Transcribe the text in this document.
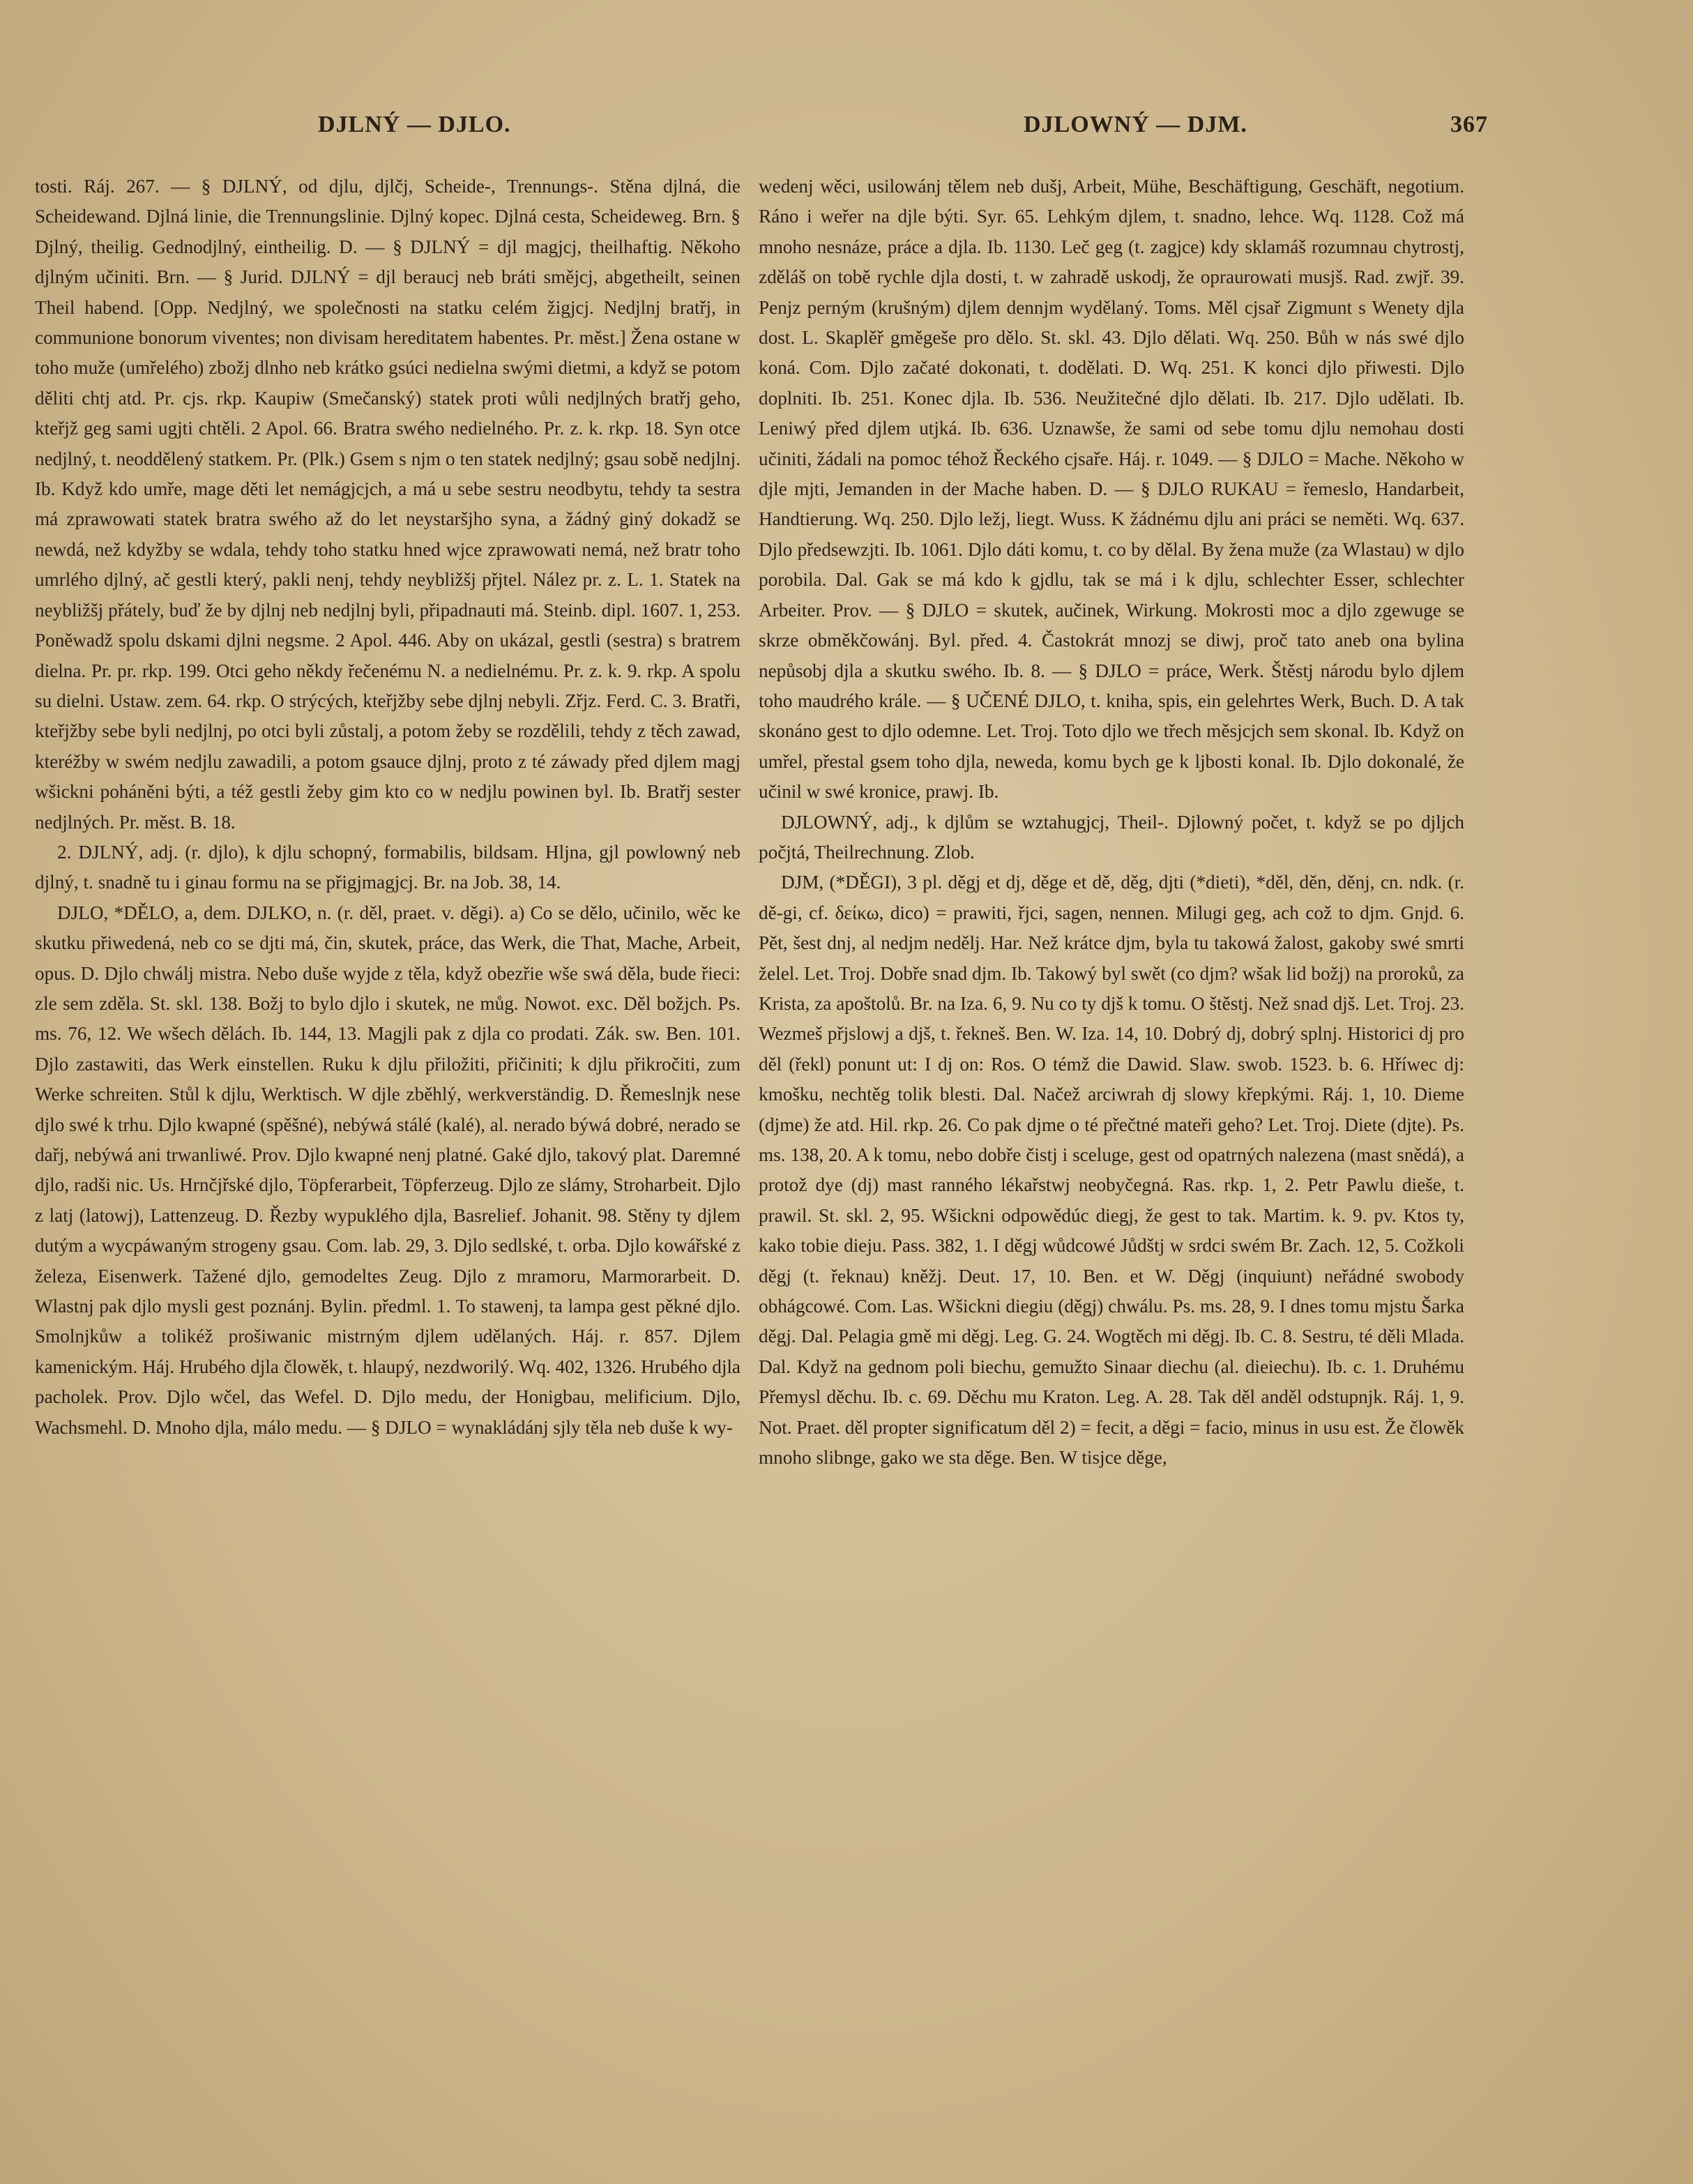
DJLNÝ — DJLO.	DJLOWNÝ — DJM.	367

tosti. Ráj. 267. — § DJLNÝ, od djlu, djlčj, Scheide-, Trennungs-. Stěna djlná, die Scheidewand. Djlná linie, die Trennungslinie. Djlný kopec. Djlná cesta, Scheideweg. Brn. § Djlný, theilig. Gednodjlný, eintheilig. D. — § DJLNÝ = djl magjcj, theilhaftig. Někoho djlným učiniti. Brn. — § Jurid. DJLNÝ = djl beraucj neb bráti smějcj, abgetheilt, seinen Theil habend. [Opp. Nedjlný, we společnosti na statku celém žigjcj. Nedjlnj bratřj, in communione bonorum viventes; non divisam hereditatem habentes. Pr. měst.] Žena ostane w toho muže (umřelého) zbožj dlnho neb krátko gsúci nedielna swými dietmi, a když se potom děliti chtj atd. Pr. cjs. rkp. Kaupiw (Smečanský) statek proti wůli nedjlných bratřj geho, kteřjž geg sami ugjti chtěli. 2 Apol. 66. Bratra swého nedielného. Pr. z. k. rkp. 18. Syn otce nedjlný, t. neoddělený statkem. Pr. (Plk.) Gsem s njm o ten statek nedjlný; gsau sobě nedjlnj. Ib. Když kdo umře, mage děti let nemágjcjch, a má u sebe sestru neodbytu, tehdy ta sestra má zprawowati statek bratra swého až do let neystaršjho syna, a žádný giný dokadž se newdá, než kdyžby se wdala, tehdy toho statku hned wjce zprawowati nemá, než bratr toho umrlého djlný, ač gestli který, pakli nenj, tehdy neybližšj přjtel. Nález pr. z. L. 1. Statek na neybližšj přátely, buď že by djlnj neb nedjlnj byli, připadnauti má. Steinb. dipl. 1607. 1, 253. Poněwadž spolu dskami djlni negsme. 2 Apol. 446. Aby on ukázal, gestli (sestra) s bratrem dielna. Pr. pr. rkp. 199. Otci geho někdy řečenému N. a nedielnému. Pr. z. k. 9. rkp. A spolu su dielni. Ustaw. zem. 64. rkp. O strýcých, kteřjžby sebe djlnj nebyli. Zřjz. Ferd. C. 3. Bratři, kteřjžby sebe byli nedjlnj, po otci byli zůstalj, a potom žeby se rozdělili, tehdy z těch zawad, kteréžby w swém nedjlu zawadili, a potom gsauce djlnj, proto z té záwady před djlem magj wšickni poháněni býti, a též gestli žeby gim kto co w nedjlu powinen byl. Ib. Bratřj sester nedjlných. Pr. měst. B. 18.

2. DJLNÝ, adj. (r. djlo), k djlu schopný, formabilis, bildsam. Hljna, gjl powlowný neb djlný, t. snadně tu i ginau formu na se přigjmagjcj. Br. na Job. 38, 14.

DJLO, *DĚLO, a, dem. DJLKO, n. (r. děl, praet. v. děgi). a) Co se dělo, učinilo, wěc ke skutku přiwedená, neb co se djti má, čin, skutek, práce, das Werk, die That, Mache, Arbeit, opus. D. Djlo chwálj mistra. Nebo duše wyjde z těla, když obezřie wše swá děla, bude řieci: zle sem zděla. St. skl. 138. Božj to bylo djlo i skutek, ne můg. Nowot. exc. Děl božjch. Ps. ms. 76, 12. We wšech dělách. Ib. 144, 13. Magjli pak z djla co prodati. Zák. sw. Ben. 101. Djlo zastawiti, das Werk einstellen. Ruku k djlu přiložiti, přičiniti; k djlu přikročiti, zum Werke schreiten. Stůl k djlu, Werktisch. W djle zběhlý, werkverständig. D. Řemeslnjk nese djlo swé k trhu. Djlo kwapné (spěšné), nebýwá stálé (kalé), al. nerado býwá dobré, nerado se dařj, nebýwá ani trwanliwé. Prov. Djlo kwapné nenj platné. Gaké djlo, takový plat. Daremné djlo, radši nic. Us. Hrnčjřské djlo, Töpferarbeit, Töpferzeug. Djlo ze slámy, Stroharbeit. Djlo z latj (latowj), Lattenzeug. D. Řezby wypuklého djla, Basrelief. Johanit. 98. Stěny ty djlem dutým a wycpáwaným strogeny gsau. Com. lab. 29, 3. Djlo sedlské, t. orba. Djlo kowářské z železa, Eisenwerk. Tažené djlo, gemodeltes Zeug. Djlo z mramoru, Marmorarbeit. D. Wlastnj pak djlo mysli gest poznánj. Bylin. předml. 1. To stawenj, ta lampa gest pěkné djlo. Smolnjkůw a tolikéž prošiwanic mistrným djlem udělaných. Háj. r. 857. Djlem kamenickým. Háj. Hrubého djla člowěk, t. hlaupý, nezdworilý. Wq. 402, 1326. Hrubého djla pacholek. Prov. Djlo wčel, das Wefel. D. Djlo medu, der Honigbau, melificium. Djlo, Wachsmehl. D. Mnoho djla, málo medu. — § DJLO = wynakládánj sjly těla neb duše k wy-

wedenj wěci, usilowánj tělem neb dušj, Arbeit, Mühe, Beschäftigung, Geschäft, negotium. Ráno i weřer na djle býti. Syr. 65. Lehkým djlem, t. snadno, lehce. Wq. 1128. Což má mnoho nesnáze, práce a djla. Ib. 1130. Leč geg (t. zagjce) kdy sklamáš rozumnau chytrostj, zděláš on tobě rychle djla dosti, t. w zahradě uskodj, že opraurowati musjš. Rad. zwjř. 39. Penjz perným (krušným) djlem dennjm wydělaný. Toms. Měl cjsař Zigmunt s Wenety djla dost. L. Skaplěř gměgeše pro dělo. St. skl. 43. Djlo dělati. Wq. 250. Bůh w nás swé djlo koná. Com. Djlo začaté dokonati, t. dodělati. D. Wq. 251. K konci djlo přiwesti. Djlo doplniti. Ib. 251. Konec djla. Ib. 536. Neužitečné djlo dělati. Ib. 217. Djlo udělati. Ib. Leniwý před djlem utjká. Ib. 636. Uznawše, že sami od sebe tomu djlu nemohau dosti učiniti, žádali na pomoc téhož Řeckého cjsaře. Háj. r. 1049. — § DJLO = Mache. Někoho w djle mjti, Jemanden in der Mache haben. D. — § DJLO RUKAU = řemeslo, Handarbeit, Handtierung. Wq. 250. Djlo ležj, liegt. Wuss. K žádnému djlu ani práci se neměti. Wq. 637. Djlo předsewzjti. Ib. 1061. Djlo dáti komu, t. co by dělal. By žena muže (za Wlastau) w djlo porobila. Dal. Gak se má kdo k gjdlu, tak se má i k djlu, schlechter Esser, schlechter Arbeiter. Prov. — § DJLO = skutek, aučinek, Wirkung. Mokrosti moc a djlo zgewuge se skrze obměkčowánj. Byl. před. 4. Častokrát mnozj se diwj, proč tato aneb ona bylina nepůsobj djla a skutku swého. Ib. 8. — § DJLO = práce, Werk. Štěstj národu bylo djlem toho maudrého krále. — § UČENÉ DJLO, t. kniha, spis, ein gelehrtes Werk, Buch. D. A tak skonáno gest to djlo odemne. Let. Troj. Toto djlo we třech měsjcjch sem skonal. Ib. Když on umřel, přestal gsem toho djla, neweda, komu bych ge k ljbosti konal. Ib. Djlo dokonalé, že učinil w swé kronice, prawj. Ib.

DJLOWNÝ, adj., k djlům se wztahugjcj, Theil-. Djlowný počet, t. když se po djljch počjtá, Theilrechnung. Zlob.

DJM, (*DĚGI), 3 pl. děgj et dj, děge et dě, děg, djti (*dieti), *děl, děn, děnj, cn. ndk. (r. dě-gi, cf. δείκω, dico) = prawiti, řjci, sagen, nennen. Milugi geg, ach což to djm. Gnjd. 6. Pět, šest dnj, al nedjm nedělj. Har. Než krátce djm, byla tu takowá žalost, gakoby swé smrti želel. Let. Troj. Dobře snad djm. Ib. Takowý byl swět (co djm? wšak lid božj) na proroků, za Krista, za apoštolů. Br. na Iza. 6, 9. Nu co ty djš k tomu. O štěstj. Než snad djš. Let. Troj. 23. Wezmeš přjslowj a djš, t. řekneš. Ben. W. Iza. 14, 10. Dobrý dj, dobrý splnj. Historici dj pro děl (řekl) ponunt ut: I dj on: Ros. O témž die Dawid. Slaw. swob. 1523. b. 6. Hříwec dj: kmošku, nechtěg tolik blesti. Dal. Načež arciwrah dj slowy křepkými. Ráj. 1, 10. Dieme (djme) že atd. Hil. rkp. 26. Co pak djme o té přečtné mateři geho? Let. Troj. Diete (djte). Ps. ms. 138, 20. A k tomu, nebo dobře čistj i sceluge, gest od opatrných nalezena (mast snědá), a protož dye (dj) mast ranného lékařstwj neobyčegná. Ras. rkp. 1, 2. Petr Pawlu dieše, t. prawil. St. skl. 2, 95. Wšickni odpowědúc diegj, že gest to tak. Martim. k. 9. pv. Ktos ty, kako tobie dieju. Pass. 382, 1. I děgj wůdcowé Jůdštj w srdci swém Br. Zach. 12, 5. Cožkoli děgj (t. řeknau) kněžj. Deut. 17, 10. Ben. et W. Děgj (inquiunt) neřádné swobody obhágcowé. Com. Las. Wšickni diegiu (děgj) chwálu. Ps. ms. 28, 9. I dnes tomu mjstu Šarka děgj. Dal. Pelagia gmě mi děgj. Leg. G. 24. Wogtěch mi děgj. Ib. C. 8. Sestru, té děli Mlada. Dal. Když na gednom poli biechu, gemužto Sinaar diechu (al. dieiechu). Ib. c. 1. Druhému Přemysl děchu. Ib. c. 69. Děchu mu Kraton. Leg. A. 28. Tak děl anděl odstupnjk. Ráj. 1, 9. Not. Praet. děl propter significatum děl 2) = fecit, a děgi = facio, minus in usu est. Že člowěk mnoho slibnge, gako we sta děge. Ben. W tisjce děge,
